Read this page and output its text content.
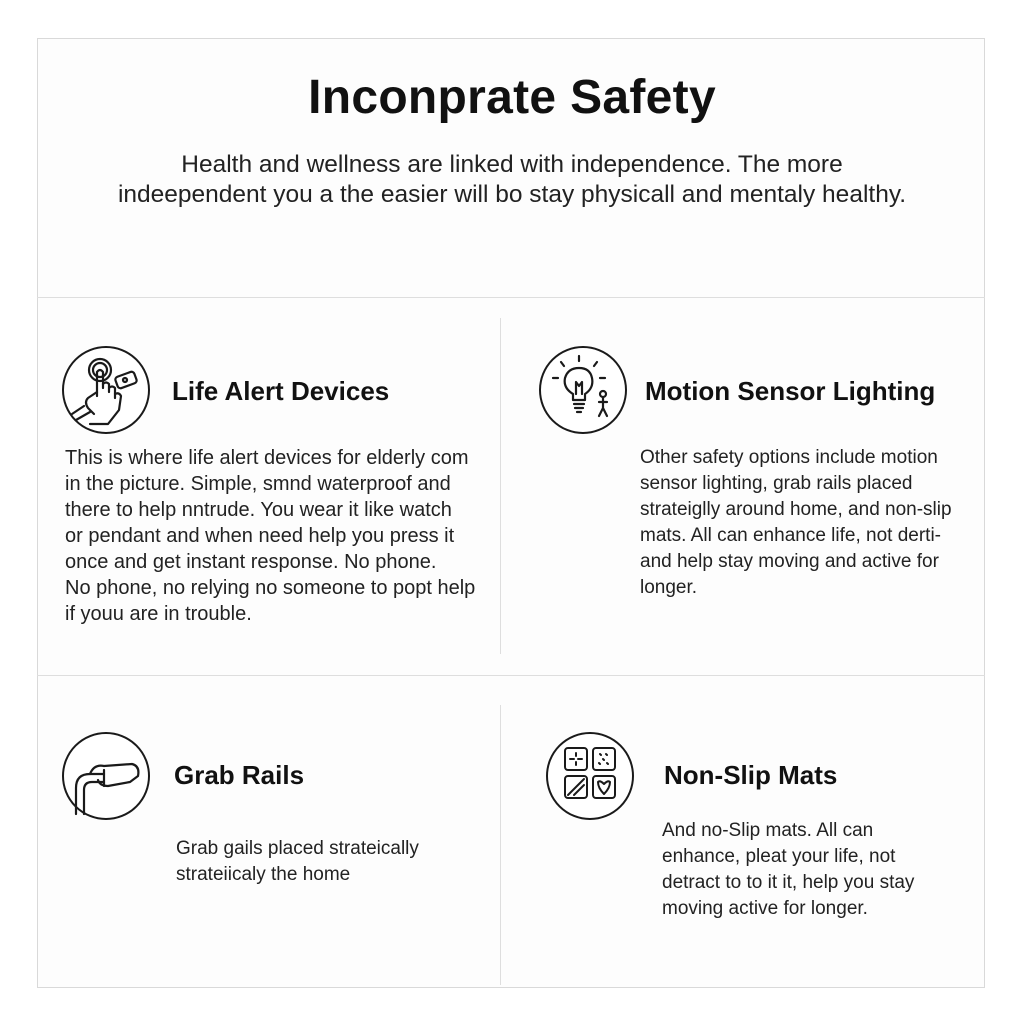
Inconprate Safety
Health and wellness are linked with independence. The more
indeependent you a the easier will bo stay physicall and mentaly healthy.
Life Alert Devices
This is where life alert devices for elderly com
in the picture. Simple, smnd waterproof and
there to help nntrude. You wear it like watch
or pendant and when need help you press it
once and get instant response. No phone.
No phone, no relying no someone to popt help
if youu are in trouble.
Motion Sensor Lighting
Other safety options include motion
sensor lighting, grab rails placed
strateiglly around home, and non-slip
mats. All can enhance life, not derti-
and help stay moving and active for
longer.
Grab Rails
Grab gails placed strateically
strateiicaly the home
Non-Slip Mats
And no-Slip mats. All can
enhance, pleat your life, not
detract to to it it, help you stay
moving active for longer.
